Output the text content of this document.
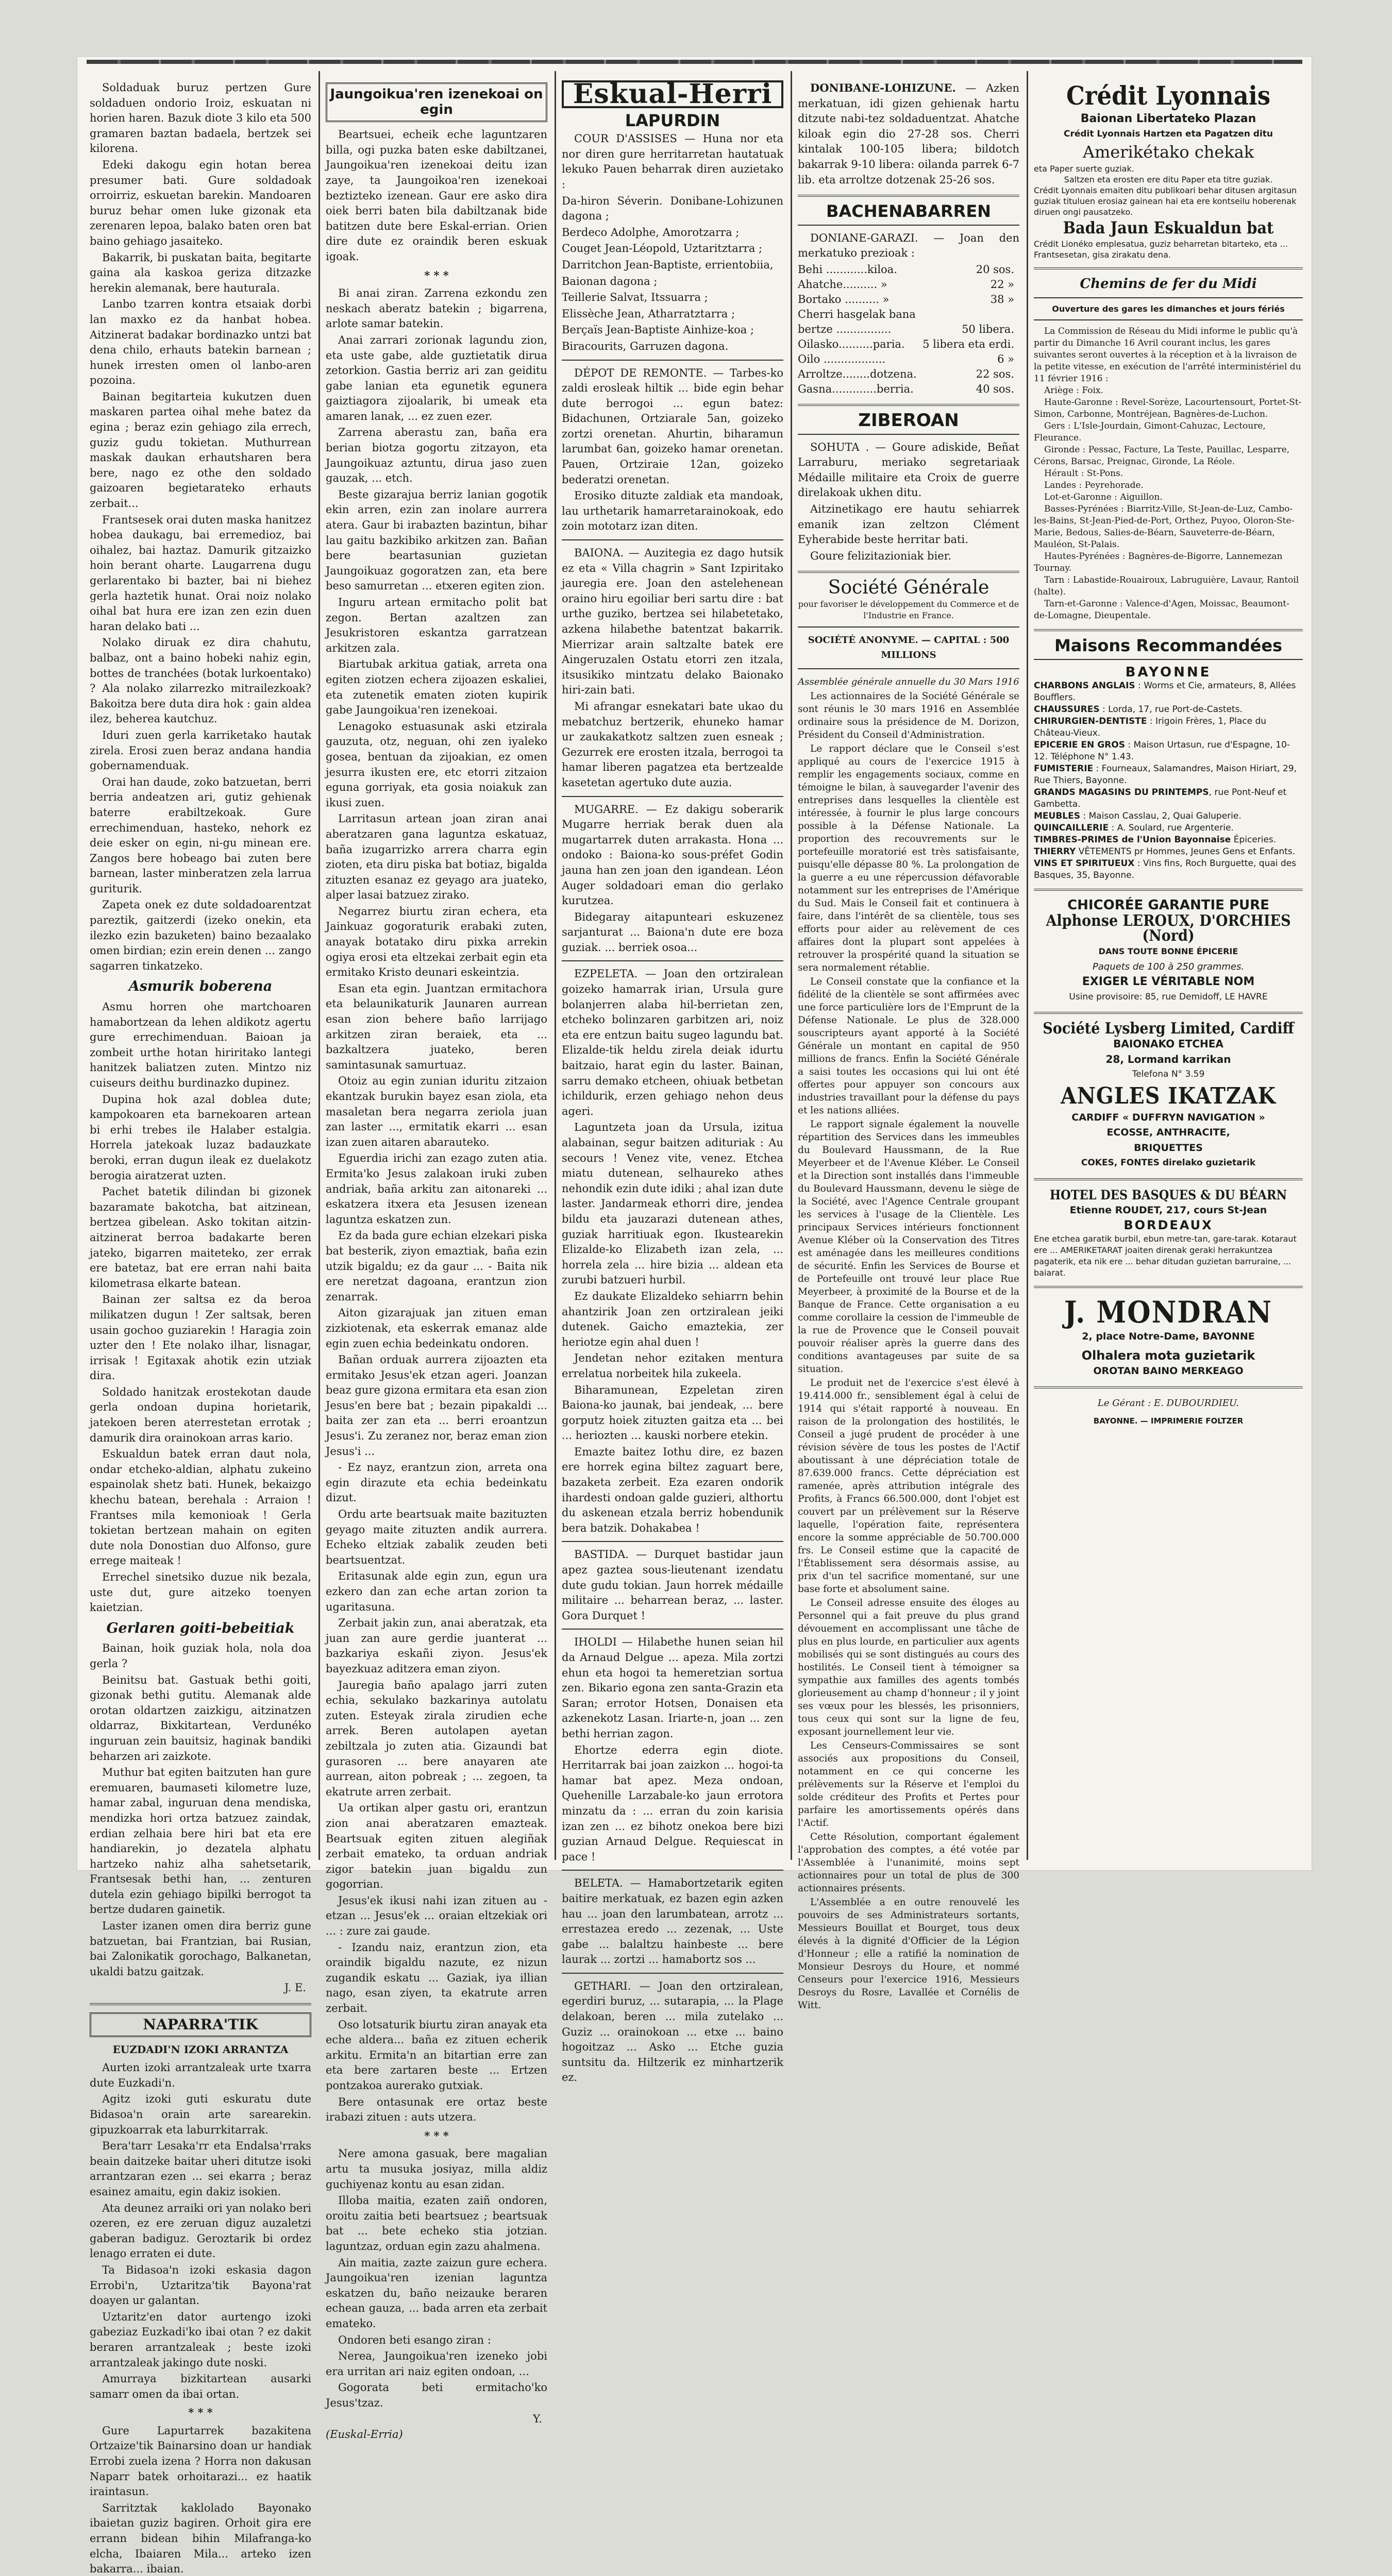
Soldaduak buruz pertzen Gure soldaduen ondorio Iroiz, eskuatan ni horien haren. Bazuk diote 3 kilo eta 500 gramaren baztan badaela, bertzek sei kilorena.

Edeki dakogu egin hotan berea presumer bati. Gure soldadoak orroirriz, eskuetan barekin. Mandoaren buruz behar omen luke gizonak eta zerenaren lepoa, balako baten oren bat baino gehiago jasaiteko.

Bakarrik, bi puskatan baita, begitarte gaina ala kaskoa geriza ditzazke herekin alemanak, bere hauturala.

Lanbo tzarren kontra etsaiak dorbi lan maxko ez da hanbat hobea. Aitzinerat badakar bordinazko untzi bat dena chilo, erhauts batekin barnean ; hunek irresten omen ol lanbo-aren pozoina.

Bainan begitarteia kukutzen duen maskaren partea oihal mehe batez da egina ; beraz ezin gehiago zila errech, guziz gudu tokietan. Muthurrean maskak daukan erhautsharen bera bere, nago ez othe den soldado gaizoaren begietarateko erhauts zerbait...

Frantsesek orai duten maska hanitzez hobea daukagu, bai erremedioz, bai oihalez, bai haztaz. Damurik gitzaizko hoin berant oharte. Laugarrena dugu gerlarentako bi bazter, bai ni biehez gerla haztetik hunat. Orai noiz nolako oihal bat hura ere izan zen ezin duen haran delako bati ...

Nolako diruak ez dira chahutu, balbaz, ont a baino hobeki nahiz egin, bottes de tranchées (botak lurkoentako) ? Ala nolako zilarrezko mitrailezkoak? Bakoitza bere duta dira hok : gain aldea ilez, beherea kautchuz.

Iduri zuen gerla karriketako hautak zirela. Erosi zuen beraz andana handia gobernamenduak.

Orai han daude, zoko batzuetan, berri berria andeatzen ari, gutiz gehienak baterre erabiltzekoak. Gure errechimenduan, hasteko, nehork ez deie esker on egin, ni-gu minean ere. Zangos bere hobeago bai zuten bere barnean, laster minberatzen zela larrua guriturik.

Zapeta onek ez dute soldadoarentzat pareztik, gaitzerdi (izeko onekin, eta ilezko ezin bazuketen) baino bezaalako omen birdian; ezin erein denen ... zango sagarren tinkatzeko.

Asmurik boberena

Asmu horren ohe martchoaren hamabortzean da lehen aldikotz agertu gure errechimenduan. Baioan ja zombeit urthe hotan hiriritako lantegi hanitzek baliatzen zuten. Mintzo niz cuiseurs deithu burdinazko dupinez.

Dupina hok azal doblea dute; kampokoaren eta barnekoaren artean bi erhi trebes ile Halaber estalgia. Horrela jatekoak luzaz badauzkate beroki, erran dugun ileak ez duelakotz berogia airatzerat uzten.

Pachet batetik dilindan bi gizonek bazaramate bakotcha, bat aitzinean, bertzea gibelean. Asko tokitan aitzin-aitzinerat berroa badakarte beren jateko, bigarren maiteteko, zer errak ere batetaz, bat ere erran nahi baita kilometrasa elkarte batean.

Bainan zer saltsa ez da beroa milikatzen dugun ! Zer saltsak, beren usain gochoo guziarekin ! Haragia zoin uzter den ! Ete nolako ilhar, lisnagar, irrisak ! Egitaxak ahotik ezin utziak dira.

Soldado hanitzak erostekotan daude gerla ondoan dupina horietarik, jatekoen beren aterrestetan errotak ; damurik dira orainokoan arras kario.

Eskualdun batek erran daut nola, ondar etcheko-aldian, alphatu zukeino espainolak shetz bati. Hunek, bekaizgo khechu batean, berehala : Arraion ! Frantses mila kemonioak ! Gerla tokietan bertzean mahain on egiten dute nola Donostian duo Alfonso, gure errege maiteak !

Errechel sinetsiko duzue nik bezala, uste dut, gure aitzeko toenyen kaietzian.

Gerlaren goiti-bebeitiak

Bainan, hoik guziak hola, nola doa gerla ?

Beinitsu bat. Gastuak bethi goiti, gizonak bethi gutitu. Alemanak alde orotan oldartzen zaizkigu, aitzinatzen oldarraz, Bixkitartean, Verdunéko inguruan zein bauitsiz, haginak bandiki beharzen ari zaizkote.

Muthur bat egiten baitzuten han gure eremuaren, baumaseti kilometre luze, hamar zabal, inguruan dena mendiska, mendizka hori ortza batzuez zaindak, erdian zelhaia bere hiri bat eta ere handiarekin, jo dezatela alphatu hartzeko nahiz alha sahetsetarik, Frantsesak bethi han, ... zenturen dutela ezin gehiago bipilki berrogot ta bertze dudaren gainetik.

Laster izanen omen dira berriz gune batzuetan, bai Frantzian, bai Rusian, bai Zalonikatik gorochago, Balkanetan, ukaldi batzu gaitzak.

J. E.
NAPARRA'TIK
EUZDADI'N IZOKI ARRANTZA

Aurten izoki arrantzaleak urte txarra dute Euzkadi'n.

Agitz izoki guti eskuratu dute Bidasoa'n orain arte sarearekin. gipuzkoarrak eta laburrkitarrak.

Bera'tarr Lesaka'rr eta Endalsa'rraks beain daitzeke baitar uheri ditutze isoki arrantzaran ezen ... sei ekarra ; beraz esainez amaitu, egin dakiz isokien.

Ata deunez arraiki ori yan nolako beri ozeren, ez ere zeruan diguz auzaletzi gaberan badiguz. Geroztarik bi ordez lenago erraten ei dute.

Ta Bidasoa'n izoki eskasia dagon Errobi'n, Uztaritza'tik Bayona'rat doayen ur galantan.

Uztaritz'en dator aurtengo izoki gabeziaz Euzkadi'ko ibai otan ? ez dakit beraren arrantzaleak ; beste izoki arrantzaleak jakingo dute noski.

Amurraya bizkitartean ausarki samarr omen da ibai ortan.

* * *

Gure Lapurtarrek bazakitena Ortzaize'tik Bainarsino doan ur handiak Errobi zuela izena ? Horra non dakusan Naparr batek orhoitarazi... ez haatik iraintasun.

Sarritztak kaklolado Bayonako ibaietan guziz bagiren. Orhoit gira ere errann bidean bihin Milafranga-ko elcha, Ibaiaren Mila... arteko izen bakarra... ibaian.

Jaungoikua'ren izenekoai on egin

Beartsuei, echeik eche laguntzaren billa, ogi puzka baten eske dabiltzanei, Jaungoikua'ren izenekoai deitu izan zaye, ta Jaungoikoa'ren izenekoai beztizteko izenean. Gaur ere asko dira oiek berri baten bila dabiltzanak bide batitzen dute bere Eskal-errian. Orien dire dute ez oraindik beren eskuak igoak.

* * *

Bi anai ziran. Zarrena ezkondu zen neskach aberatz batekin ; bigarrena, arlote samar batekin.

Anai zarrari zorionak lagundu zion, eta uste gabe, alde guztietatik dirua zetorkion. Gastia berriz ari zan geiditu gabe lanian eta egunetik egunera gaiztiagora zijoalarik, bi umeak eta amaren lanak, ... ez zuen ezer.

Zarrena aberastu zan, baña era berian biotza gogortu zitzayon, eta Jaungoikuaz aztuntu, dirua jaso zuen gauzak, ... etch.

Beste gizarajua berriz lanian gogotik ekin arren, ezin zan inolare aurrera atera. Gaur bi irabazten bazintun, bihar lau gaitu bazkibiko arkitzen zan. Bañan bere beartasunian guzietan Jaungoikuaz gogoratzen zan, eta bere beso samurretan ... etxeren egiten zion.

Inguru artean ermitacho polit bat zegon. Bertan azaltzen zan Jesukristoren eskantza garratzean arkitzen zala.

Biartubak arkitua gatiak, arreta ona egiten ziotzen echera zijoazen eskaliei, eta zutenetik ematen zioten kupirik gabe Jaungoikua'ren izenekoai.

Lenagoko estuasunak aski etzirala gauzuta, otz, neguan, ohi zen iyaleko gosea, bentuan da zijoakian, ez omen jesurra ikusten ere, etc etorri zitzaion eguna gorriyak, eta gosia noiakuk zan ikusi zuen.

Larritasun artean joan ziran anai aberatzaren gana laguntza eskatuaz, baña izugarrizko arrera charra egin zioten, eta diru piska bat botiaz, bigalda zituzten esanaz ez geyago ara juateko, alper lasai batzuez zirako.

Negarrez biurtu ziran echera, eta Jainkuaz gogoraturik erabaki zuten, anayak botatako diru pixka arrekin ogiya erosi eta eltzekai zerbait egin eta ermitako Kristo deunari eskeintzia.

Esan eta egin. Juantzan ermitachora eta belaunikaturik Jaunaren aurrean esan zion behere baño larrijago arkitzen ziran beraiek, eta ... bazkaltzera juateko, beren samintasunak samurtuaz.

Otoiz au egin zunian iduritu zitzaion ekantzak burukin bayez esan ziola, eta masaletan bera negarra zeriola juan zan laster ..., ermitatik ekarri ... esan izan zuen aitaren abarauteko.

Eguerdia irichi zan ezago zuten atia. Ermita'ko Jesus zalakoan iruki zuben andriak, baña arkitu zan aitonareki ... eskatzera itxera eta Jesusen izenean laguntza eskatzen zun.

Ez da bada gure echian elzekari piska bat besterik, ziyon emaztiak, baña ezin utzik bigaldu; ez da gaur ... - Baita nik ere neretzat dagoana, erantzun zion zenarrak.

Aiton gizarajuak jan zituen eman zizkiotenak, eta eskerrak emanaz alde egin zuen echia bedeinkatu ondoren.

Bañan orduak aurrera zijoazten eta ermitako Jesus'ek etzan ageri. Joanzan beaz gure gizona ermitara eta esan zion Jesus'en bere bat ; bezain pipakaldi ... baita zer zan eta ... berri eroantzun Jesus'i. Zu zeranez nor, beraz eman zion Jesus'i ...

- Ez nayz, erantzun zion, arreta ona egin dirazute eta echia bedeinkatu dizut.

Ordu arte beartsuak maite bazituzten geyago maite zituzten andik aurrera. Echeko eltziak zabalik zeuden beti beartsuentzat.

Eritasunak alde egin zun, egun ura ezkero dan zan eche artan zorion ta ugaritasuna.

Zerbait jakin zun, anai aberatzak, eta juan zan aure gerdie juanterat ... bazkariya eskañi ziyon. Jesus'ek bayezkuaz aditzera eman ziyon.

Jauregia baño apalago jarri zuten echia, sekulako bazkarinya autolatu zuten. Esteyak zirala zirudien eche arrek. Beren autolapen ayetan zebiltzala jo zuten atia. Gizaundi bat gurasoren ... bere anayaren ate aurrean, aiton pobreak ; ... zegoen, ta ekatrute arren zerbait.

Ua ortikan alper gastu ori, erantzun zion anai aberatzaren emazteak. Beartsuak egiten zituen alegiñak zerbait emateko, ta orduan andriak zigor batekin juan bigaldu zun gogorrian.

Jesus'ek ikusi nahi izan zituen au - etzan ... Jesus'ek ... oraian eltzekiak ori ... : zure zai gaude.

- Izandu naiz, erantzun zion, eta oraindik bigaldu nazute, ez nizun zugandik eskatu ... Gaziak, iya illian nago, esan ziyen, ta ekatrute arren zerbait.

Oso lotsaturik biurtu ziran anayak eta eche aldera... baña ez zituen echerik arkitu. Ermita'n an bitartian erre zan eta bere zartaren beste ... Ertzen pontzakoa aurerako gutxiak.

Bere ontasunak ere ortaz beste irabazi zituen : auts utzera.

* * *

Nere amona gasuak, bere magalian artu ta musuka josiyaz, milla aldiz guchiyenaz kontu au esan zidan.

Illoba maitia, ezaten zaiñ ondoren, oroitu zaitia beti beartsuez ; beartsuak bat ... bete echeko stia jotzian. laguntzaz, orduan egin zazu ahalmena.

Ain maitia, zazte zaizun gure echera. Jaungoikua'ren izenian laguntza eskatzen du, baño neizauke beraren echean gauza, ... bada arren eta zerbait emateko.

Ondoren beti esango ziran :

Nerea, Jaungoikua'ren izeneko jobi era urritan ari naiz egiten ondoan, ...

Gogorata beti ermitacho'ko Jesus'tzaz.

Y.

(Euskal-Erria)

Eskual-Herri
LAPURDIN

COUR D'ASSISES — Huna nor eta nor diren gure herritarretan hautatuak lekuko Pauen beharrak diren auzietako :

Da-hiron Séverin. Donibane-Lohizunen dagona ;

Berdeco Adolphe, Amorotzarra ;

Couget Jean-Léopold, Uztaritztarra ;

Darritchon Jean-Baptiste, errientobiia,

Baionan dagona ;

Teillerie Salvat, Itssuarra ;

Elissèche Jean, Atharratztarra ;

Berçaïs Jean-Baptiste Ainhize-koa ;

Biracourits, Garruzen dagona.

DÉPOT DE REMONTE. — Tarbes-ko zaldi erosleak hiltik ... bide egin behar dute berrogoi ... egun batez: Bidachunen, Ortziarale 5an, goizeko zortzi orenetan. Ahurtin, biharamun larumbat 6an, goizeko hamar orenetan. Pauen, Ortziraie 12an, goizeko bederatzi orenetan.

Erosiko dituzte zaldiak eta mandoak, lau urthetarik hamarretarainokoak, edo zoin mototarz izan diten.

BAIONA. — Auzitegia ez dago hutsik ez eta « Villa chagrin » Sant Izpiritako jauregia ere. Joan den astelehenean oraino hiru egoiliar beri sartu dire : bat urthe guziko, bertzea sei hilabetetako, azkena hilabethe batentzat bakarrik. Mierrizar arain saltzalte batek ere Aingeruzalen Ostatu etorri zen itzala, itsusikiko mintzatu delako Baionako hiri-zain bati.

Mi afrangar esnekatari bate ukao du mebatchuz bertzerik, ehuneko hamar ur zaukakatkotz saltzen zuen esneak ; Gezurrek ere erosten itzala, berrogoi ta hamar liberen pagatzea eta bertzealde kasetetan agertuko dute auzia.

MUGARRE. — Ez dakigu soberarik Mugarre herriak berak duen ala mugartarrek duten arrakasta. Hona ... ondoko : Baiona-ko sous-préfet Godin jauna han zen joan den igandean. Léon Auger soldadoari eman dio gerlako kurutzea.

Bidegaray aitapunteari eskuzenez sarjanturat ... Baiona'n dute ere boza guziak. ... berriek osoa...

EZPELETA. — Joan den ortziralean goizeko hamarrak irian, Ursula gure bolanjerren alaba hil-berrietan zen, etcheko bolinzaren garbitzen ari, noiz eta ere entzun baitu sugeo lagundu bat. Elizalde-tik heldu zirela deiak idurtu baitzaio, harat egin du laster. Bainan, sarru demako etcheen, ohiuak betbetan ichildurik, erzen gehiago nehon deus ageri.

Laguntzeta joan da Ursula, izitua alabainan, segur baitzen adituriak : Au secours ! Venez vite, venez. Etchea miatu dutenean, selhaureko athes nehondik ezin dute idiki ; ahal izan dute laster. Jandarmeak ethorri dire, jendea bildu eta jauzarazi dutenean athes, guziak harritiuak egon. Ikustearekin Elizalde-ko Elizabeth izan zela, ... horrela zela ... hire bizia ... aldean eta zurubi batzueri hurbil.

Ez daukate Elizaldeko sehiarrn behin ahantzirik Joan zen ortziralean jeiki dutenek. Gaicho emaztekia, zer heriotze egin ahal duen !

Jendetan nehor ezitaken mentura errelatua norbeitek hila zukeela.

Biharamunean, Ezpeletan ziren Baiona-ko jaunak, bai jendeak, ... bere gorputz hoiek zituzten gaitza eta ... bei ... heriozten ... kauski norbere etekin.

Emazte baitez Iothu dire, ez bazen ere horrek egina biltez zaguart bere, bazaketa zerbeit. Eza ezaren ondorik ihardesti ondoan galde guzieri, althortu du askenean etzala berriz hobendunik bera batzik. Dohakabea !

BASTIDA. — Durquet bastidar jaun apez gaztea sous-lieutenant izendatu dute gudu tokian. Jaun horrek médaille militaire ... beharrean beraz, ... laster. Gora Durquet !

IHOLDI — Hilabethe hunen seian hil da Arnaud Delgue ... apeza. Mila zortzi ehun eta hogoi ta hemeretzian sortua zen. Bikario egona zen santa-Grazin eta Saran; errotor Hotsen, Donaisen eta azkenekotz Lasan. Iriarte-n, joan ... zen bethi herrian zagon.

Ehortze ederra egin diote. Herritarrak bai joan zaizkon ... hogoi-ta hamar bat apez. Meza ondoan, Quehenille Larzabale-ko jaun errotora minzatu da : ... erran du zoin karisia izan zen ... ez bihotz onekoa bere bizi guzian Arnaud Delgue. Requiescat in pace !

BELETA. — Hamabortzetarik egiten baitire merkatuak, ez bazen egin azken hau ... joan den larumbatean, arrotz ... errestazea eredo ... zezenak, ... Uste gabe ... balaltzu hainbeste ... bere laurak ... zortzi ... hamabortz sos ...

GETHARI. — Joan den ortziralean, egerdiri buruz, ... sutarapia, ... la Plage delakoan, beren ... mila zutelako ... Guziz ... orainokoan ... etxe ... baino hogoitzaz ... Asko ... Etche guzia suntsitu da. Hiltzerik ez minhartzerik ez.

DONIBANE-LOHIZUNE. — Azken merkatuan, idi gizen gehienak hartu ditzute nabi-tez soldaduentzat. Ahatche kiloak egin dio 27-28 sos. Cherri kintalak 100-105 libera; bildotch bakarrak 9-10 libera: oilanda parrek 6-7 lib. eta arroltze dotzenak 25-26 sos.

BACHENABARREN

DONIANE-GARAZI. — Joan den merkatuko prezioak :

Behi ............kiloa.	20 sos.
Ahatche.......... »	22 »
Bortako .......... »	38 »
Cherri hasgelak bana	
bertze ................	50 libera.
Oilasko..........paria.	5 libera eta erdi.
Oilo ..................	6 »
Arroltze........dotzena.	22 sos.
Gasna.............berria.	40 sos.
ZIBEROAN

SOHUTA . — Goure adiskide, Beñat Larraburu, meriako segretariaak Médaille militaire eta Croix de guerre direlakoak ukhen ditu.

Aitzinetikago ere hautu sehiarrek emanik izan zeltzon Clément Eyherabide beste herritar bati.

Goure felizitazioniak bier.

Société Générale
pour favoriser le développement du Commerce et de l'Industrie en France.
SOCIÉTÉ ANONYME. — CAPITAL : 500 MILLIONS
Assemblée générale annuelle du 30 Mars 1916

Les actionnaires de la Société Générale se sont réunis le 30 mars 1916 en Assemblée ordinaire sous la présidence de M. Dorizon, Président du Conseil d'Administration.

Le rapport déclare que le Conseil s'est appliqué au cours de l'exercice 1915 à remplir les engagements sociaux, comme en témoigne le bilan, à sauvegarder l'avenir des entreprises dans lesquelles la clientèle est intéressée, à fournir le plus large concours possible à la Défense Nationale. La proportion des recouvrements sur le portefeuille moratorié est très satisfaisante, puisqu'elle dépasse 80 %. La prolongation de la guerre a eu une répercussion défavorable notamment sur les entreprises de l'Amérique du Sud. Mais le Conseil fait et continuera à faire, dans l'intérêt de sa clientèle, tous ses efforts pour aider au relèvement de ces affaires dont la plupart sont appelées à retrouver la prospérité quand la situation se sera normalement rétablie.

Le Conseil constate que la confiance et la fidélité de la clientèle se sont affirmées avec une force particulière lors de l'Emprunt de la Défense Nationale. Le plus de 328.000 souscripteurs ayant apporté à la Société Générale un montant en capital de 950 millions de francs. Enfin la Société Générale a saisi toutes les occasions qui lui ont été offertes pour appuyer son concours aux industries travaillant pour la défense du pays et les nations alliées.

Le rapport signale également la nouvelle répartition des Services dans les immeubles du Boulevard Haussmann, de la Rue Meyerbeer et de l'Avenue Kléber. Le Conseil et la Direction sont installés dans l'immeuble du Boulevard Haussmann, devenu le siège de la Société, avec l'Agence Centrale groupant les services à l'usage de la Clientèle. Les principaux Services intérieurs fonctionnent Avenue Kléber où la Conservation des Titres est aménagée dans les meilleures conditions de sécurité. Enfin les Services de Bourse et de Portefeuille ont trouvé leur place Rue Meyerbeer, à proximité de la Bourse et de la Banque de France. Cette organisation a eu comme corollaire la cession de l'immeuble de la rue de Provence que le Conseil pouvait pouvoir réaliser après la guerre dans des conditions avantageuses par suite de sa situation.

Le produit net de l'exercice s'est élevé à 19.414.000 fr., sensiblement égal à celui de 1914 qui s'était rapporté à nouveau. En raison de la prolongation des hostilités, le Conseil a jugé prudent de procéder à une révision sévère de tous les postes de l'Actif aboutissant à une dépréciation totale de 87.639.000 francs. Cette dépréciation est ramenée, après attribution intégrale des Profits, à Francs 66.500.000, dont l'objet est couvert par un prélèvement sur la Réserve laquelle, l'opération faite, représentera encore la somme appréciable de 50.700.000 frs. Le Conseil estime que la capacité de l'Établissement sera désormais assise, au prix d'un tel sacrifice momentané, sur une base forte et absolument saine.

Le Conseil adresse ensuite des éloges au Personnel qui a fait preuve du plus grand dévouement en accomplissant une tâche de plus en plus lourde, en particulier aux agents mobilisés qui se sont distingués au cours des hostilités. Le Conseil tient à témoigner sa sympathie aux familles des agents tombés glorieusement au champ d'honneur ; il y joint ses vœux pour les blessés, les prisonniers, tous ceux qui sont sur la ligne de feu, exposant journellement leur vie.

Les Censeurs-Commissaires se sont associés aux propositions du Conseil, notamment en ce qui concerne les prélèvements sur la Réserve et l'emploi du solde créditeur des Profits et Pertes pour parfaire les amortissements opérés dans l'Actif.

Cette Résolution, comportant également l'approbation des comptes, a été votée par l'Assemblée à l'unanimité, moins sept actionnaires pour un total de plus de 300 actionnaires présents.

L'Assemblée a en outre renouvelé les pouvoirs de ses Administrateurs sortants, Messieurs Bouillat et Bourget, tous deux élevés à la dignité d'Officier de la Légion d'Honneur ; elle a ratifié la nomination de Monsieur Desroys du Houre, et nommé Censeurs pour l'exercice 1916, Messieurs Desroys du Rosre, Lavallée et Cornélis de Witt.

Crédit Lyonnais
Baionan Libertateko Plazan
Crédit Lyonnais Hartzen eta Pagatzen ditu
Amerikétako chekak
eta Paper suerte guziak.
Saltzen eta erosten ere ditu Paper eta titre guziak.
Crédit Lyonnais emaiten ditu publikoari behar ditusen argitasun guziak tituluen erosiaz gainean hai eta ere kontseilu hoberenak diruen ongi pausatzeko.
Bada Jaun Eskualdun bat
Crédit Lionéko emplesatua, guziz beharretan bitarteko, eta ... Frantsesetan, gisa zirakatu dena.
Chemins de fer du Midi
Ouverture des gares les dimanches et jours fériés
La Commission de Réseau du Midi informe le public qu'à partir du Dimanche 16 Avril courant inclus, les gares suivantes seront ouvertes à la réception et à la livraison de la petite vitesse, en exécution de l'arrêté interministériel du 11 février 1916 :
Ariège : Foix.
Haute-Garonne : Revel-Sorèze, Lacourtensourt, Portet-St-Simon, Carbonne, Montréjean, Bagnères-de-Luchon.
Gers : L'Isle-Jourdain, Gimont-Cahuzac, Lectoure, Fleurance.
Gironde : Pessac, Facture, La Teste, Pauillac, Lesparre, Cérons, Barsac, Preignac, Gironde, La Réole.
Hérault : St-Pons.
Landes : Peyrehorade.
Lot-et-Garonne : Aiguillon.
Basses-Pyrénées : Biarritz-Ville, St-Jean-de-Luz, Cambo-les-Bains, St-Jean-Pied-de-Port, Orthez, Puyoo, Oloron-Ste-Marie, Bedous, Salies-de-Béarn, Sauveterre-de-Béarn, Mauléon, St-Palais.
Hautes-Pyrénées : Bagnères-de-Bigorre, Lannemezan Tournay.
Tarn : Labastide-Rouairoux, Labruguière, Lavaur, Rantoil (halte).
Tarn-et-Garonne : Valence-d'Agen, Moissac, Beaumont-de-Lomagne, Dieupentale.
Maisons Recommandées
BAYONNE
CHARBONS ANGLAIS : Worms et Cie, armateurs, 8, Allées Boufflers.
CHAUSSURES : Lorda, 17, rue Port-de-Castets.
CHIRURGIEN-DENTISTE : Irigoin Frères, 1, Place du Château-Vieux.
EPICERIE EN GROS : Maison Urtasun, rue d'Espagne, 10-12. Téléphone N° 1.43.
FUMISTERIE : Fourneaux, Salamandres, Maison Hiriart, 29, Rue Thiers, Bayonne.
GRANDS MAGASINS DU PRINTEMPS, rue Pont-Neuf et Gambetta.
MEUBLES : Maison Casslau, 2, Quai Galuperie.
QUINCAILLERIE : A. Soulard, rue Argenterie.
TIMBRES-PRIMES de l'Union Bayonnaise Épiceries.
THIERRY VÊTEMENTS pr Hommes, Jeunes Gens et Enfants.
VINS ET SPIRITUEUX : Vins fins, Roch Burguette, quai des Basques, 35, Bayonne.
CHICORÉE GARANTIE PURE
Alphonse LEROUX, D'ORCHIES (Nord)
DANS TOUTE BONNE ÉPICERIE
Paquets de 100 à 250 grammes.
EXIGER LE VÉRITABLE NOM
Usine provisoire: 85, rue Demidoff, LE HAVRE
Société Lysberg Limited, Cardiff
BAIONAKO ETCHEA
28, Lormand karrikan
Telefona N° 3.59
ANGLES IKATZAK
CARDIFF « DUFFRYN NAVIGATION »
ECOSSE, ANTHRACITE,
BRIQUETTES
COKES, FONTES direlako guzietarik
HOTEL DES BASQUES & DU BÉARN
Etienne ROUDET, 217, cours St-Jean
BORDEAUX
Ene etchea garatik burbil, ebun metre-tan, gare-tarak. Kotaraut ere ... AMERIKETARAT joaiten direnak geraki herrakuntzea pagaterik, eta nik ere ... behar ditudan guzietan barruraine, ... baiarat.
J. MONDRAN
2, place Notre-Dame, BAYONNE
Olhalera mota guzietarik
OROTAN BAINO MERKEAGO
Le Gérant : E. DUBOURDIEU.
BAYONNE. — IMPRIMERIE FOLTZER
